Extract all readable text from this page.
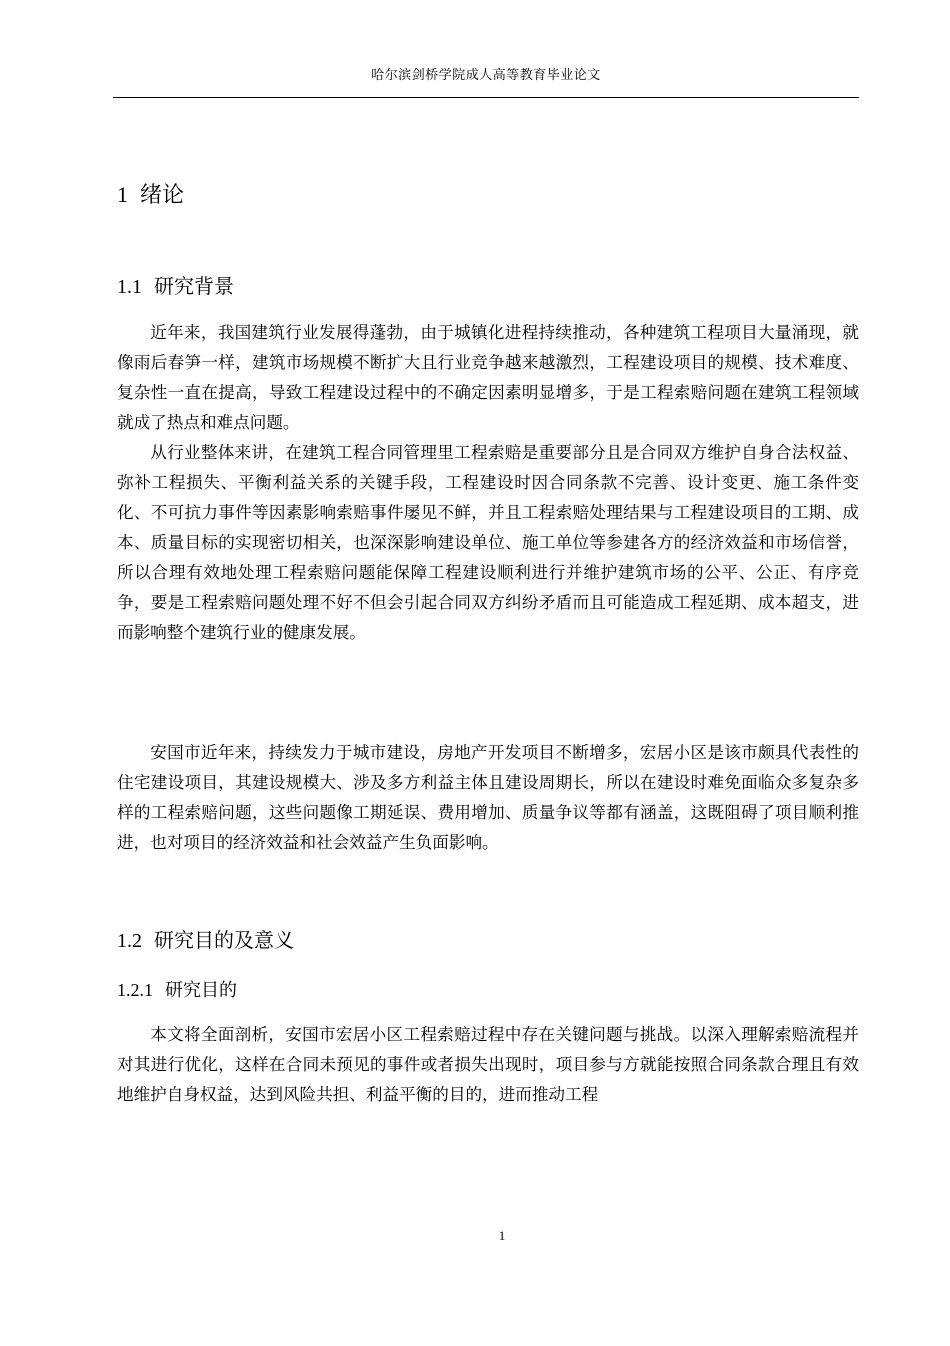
哈尔滨剑桥学院成人高等教育毕业论文
1 绪论
1.1 研究背景

近年来，我国建筑行业发展得蓬勃，由于城镇化进程持续推动，各种建筑工程项目大量涌现，就像雨后春笋一样，建筑市场规模不断扩大且行业竞争越来越激烈，工程建设项目的规模、技术难度、复杂性一直在提高，导致工程建设过程中的不确定因素明显增多，于是工程索赔问题在建筑工程领域就成了热点和难点问题。

从行业整体来讲，在建筑工程合同管理里工程索赔是重要部分且是合同双方维护自身合法权益、弥补工程损失、平衡利益关系的关键手段，工程建设时因合同条款不完善、设计变更、施工条件变化、不可抗力事件等因素影响索赔事件屡见不鲜，并且工程索赔处理结果与工程建设项目的工期、成本、质量目标的实现密切相关，也深深影响建设单位、施工单位等参建各方的经济效益和市场信誉，所以合理有效地处理工程索赔问题能保障工程建设顺利进行并维护建筑市场的公平、公正、有序竞争，要是工程索赔问题处理不好不但会引起合同双方纠纷矛盾而且可能造成工程延期、成本超支，进而影响整个建筑行业的健康发展。

安国市近年来，持续发力于城市建设，房地产开发项目不断增多，宏居小区是该市颇具代表性的住宅建设项目，其建设规模大、涉及多方利益主体且建设周期长，所以在建设时难免面临众多复杂多样的工程索赔问题，这些问题像工期延误、费用增加、质量争议等都有涵盖，这既阻碍了项目顺利推进，也对项目的经济效益和社会效益产生负面影响。

1.2 研究目的及意义
1.2.1 研究目的

本文将全面剖析，安国市宏居小区工程索赔过程中存在关键问题与挑战。以深入理解索赔流程并对其进行优化，这样在合同未预见的事件或者损失出现时，项目参与方就能按照合同条款合理且有效地维护自身权益，达到风险共担、利益平衡的目的，进而推动工程

1
